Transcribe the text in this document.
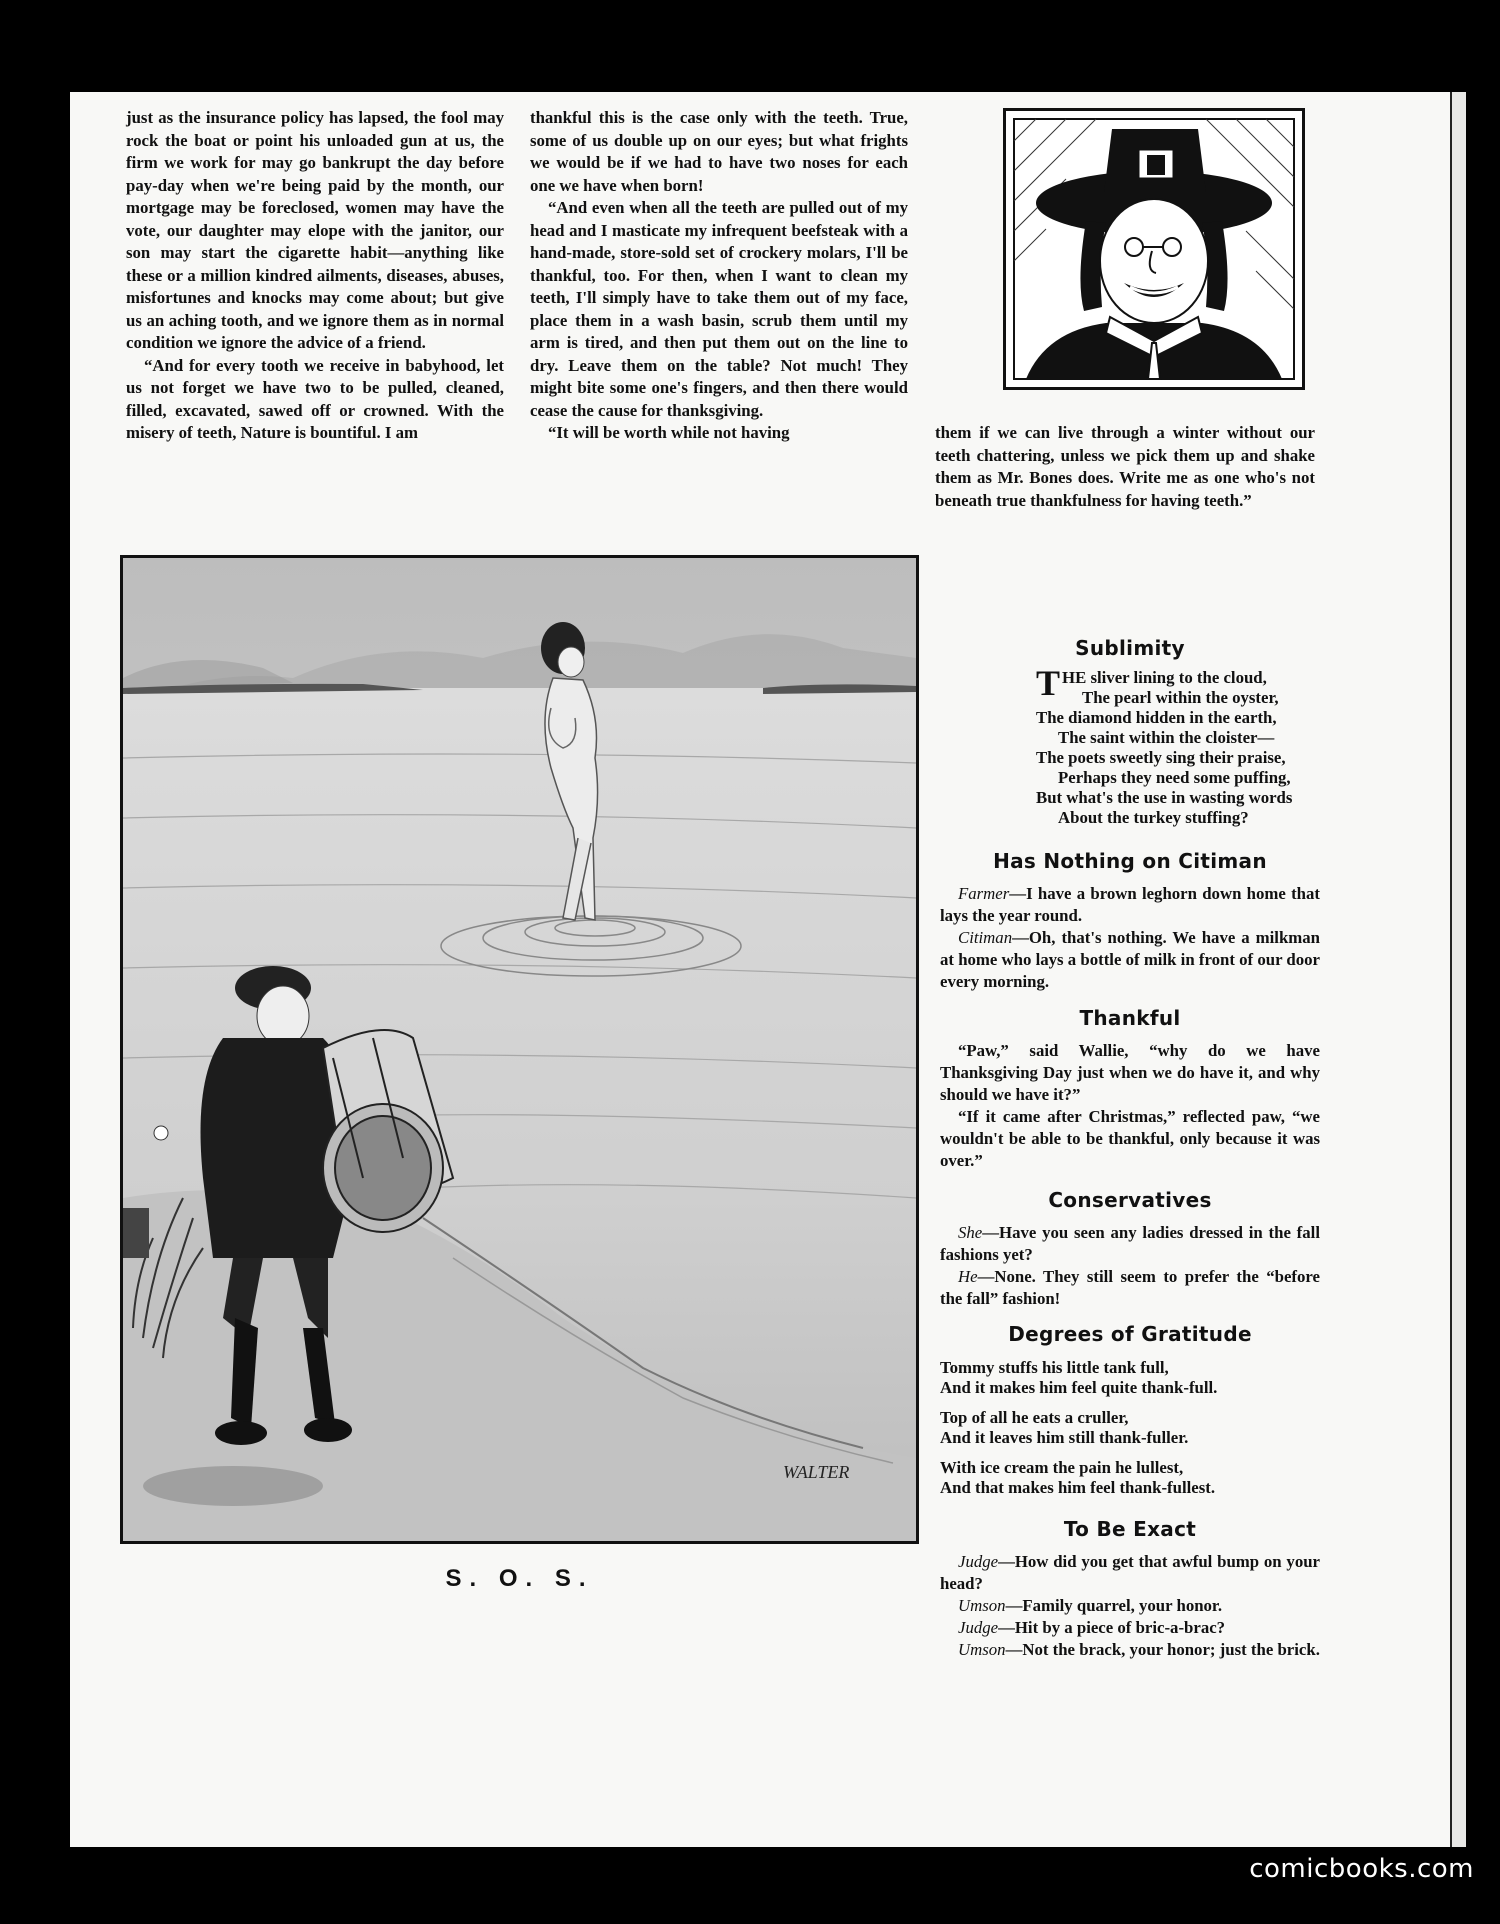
just as the insurance policy has lapsed, the fool may rock the boat or point his unloaded gun at us, the firm we work for may go bankrupt the day before pay-day when we're being paid by the month, our mortgage may be foreclosed, women may have the vote, our daughter may elope with the janitor, our son may start the cigarette habit—anything like these or a million kindred ailments, diseases, abuses, misfortunes and knocks may come about; but give us an aching tooth, and we ignore them as in normal condition we ignore the advice of a friend.

“And for every tooth we receive in babyhood, let us not forget we have two to be pulled, cleaned, filled, excavated, sawed off or crowned. With the misery of teeth, Nature is bountiful. I am

thankful this is the case only with the teeth. True, some of us double up on our eyes; but what frights we would be if we had to have two noses for each one we have when born!

“And even when all the teeth are pulled out of my head and I masticate my infrequent beefsteak with a hand-made, store-sold set of crockery molars, I'll be thankful, too. For then, when I want to clean my teeth, I'll simply have to take them out of my face, place them in a wash basin, scrub them until my arm is tired, and then put them out on the line to dry. Leave them on the table? Not much! They might bite some one's fingers, and then there would cease the cause for thanksgiving.

“It will be worth while not having	them if we can live through a winter without our teeth chattering, unless we pick them up and shake them as Mr. Bones does. Write me as one who's not beneath true thankfulness for having teeth.”

WALTER
S. O. S.
Sublimity
T HE sliver lining to the cloud,
The pearl within the oyster,
The diamond hidden in the earth,
The saint within the cloister—
The poets sweetly sing their praise,
Perhaps they need some puffing,
But what's the use in wasting words
About the turkey stuffing?
Has Nothing on Citiman

Farmer—I have a brown leghorn down home that lays the year round.

Citiman—Oh, that's nothing. We have a milkman at home who lays a bottle of milk in front of our door every morning.

Thankful

“Paw,” said Wallie, “why do we have Thanksgiving Day just when we do have it, and why should we have it?”

“If it came after Christmas,” reflected paw, “we wouldn't be able to be thankful, only because it was over.”

Conservatives

She—Have you seen any ladies dressed in the fall fashions yet?

He—None. They still seem to prefer the “before the fall” fashion!

Degrees of Gratitude
Tommy stuffs his little tank full,
And it makes him feel quite thank-full.
Top of all he eats a cruller,
And it leaves him still thank-fuller.
With ice cream the pain he lullest,
And that makes him feel thank-fullest.
To Be Exact

Judge—How did you get that awful bump on your head?

Umson—Family quarrel, your honor.

Judge—Hit by a piece of bric-a-brac?

Umson—Not the brack, your honor; just the brick.

comicbooks.com
